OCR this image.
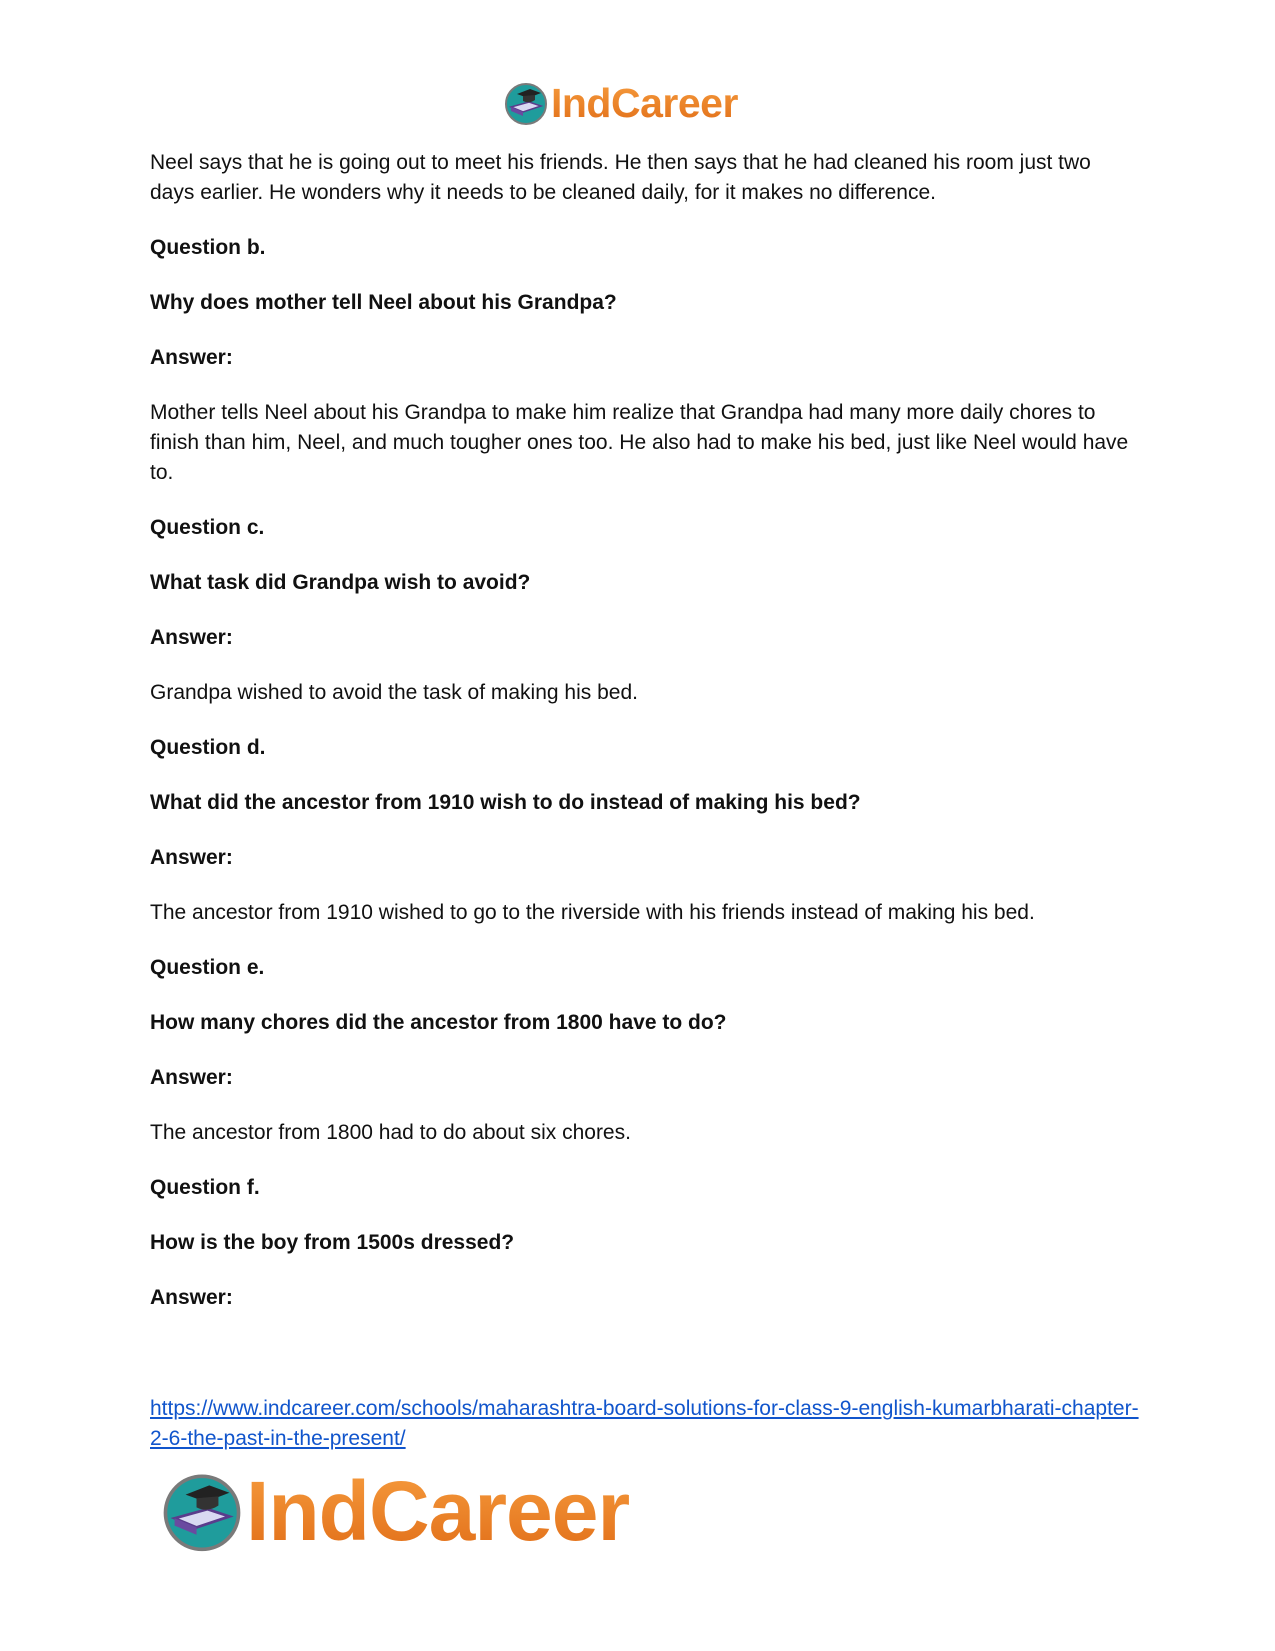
IndCareer

Neel says that he is going out to meet his friends. He then says that he had cleaned his room just two days earlier. He wonders why it needs to be cleaned daily, for it makes no difference.

Question b.

Why does mother tell Neel about his Grandpa?

Answer:

Mother tells Neel about his Grandpa to make him realize that Grandpa had many more daily chores to finish than him, Neel, and much tougher ones too. He also had to make his bed, just like Neel would have to.

Question c.

What task did Grandpa wish to avoid?

Answer:

Grandpa wished to avoid the task of making his bed.

Question d.

What did the ancestor from 1910 wish to do instead of making his bed?

Answer:

The ancestor from 1910 wished to go to the riverside with his friends instead of making his bed.

Question e.

How many chores did the ancestor from 1800 have to do?

Answer:

The ancestor from 1800 had to do about six chores.

Question f.

How is the boy from 1500s dressed?

Answer:

https://www.indcareer.com/schools/maharashtra-board-solutions-for-class-9-english-kumarbharati-chapter-2-6-the-past-in-the-present/
IndCareer
